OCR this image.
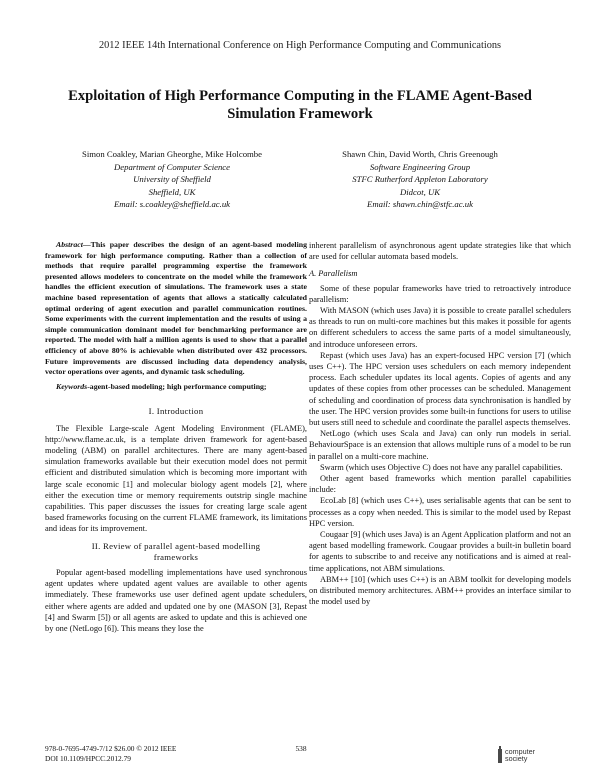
2012 IEEE 14th International Conference on High Performance Computing and Communications
Exploitation of High Performance Computing in the FLAME Agent-Based
Simulation Framework
Simon Coakley, Marian Gheorghe, Mike Holcombe
Department of Computer Science
University of Sheffield
Sheffield, UK
Email: s.coakley@sheffield.ac.uk
Shawn Chin, David Worth, Chris Greenough
Software Engineering Group
STFC Rutherford Appleton Laboratory
Didcot, UK
Email: shawn.chin@stfc.ac.uk

Abstract—This paper describes the design of an agent-based modeling framework for high performance computing. Rather than a collection of methods that require parallel programming expertise the framework presented allows modelers to concentrate on the model while the framework handles the efficient execution of simulations. The framework uses a state machine based representation of agents that allows a statically calculated optimal ordering of agent execution and parallel communication routines. Some experiments with the current implementation and the results of using a simple communication dominant model for benchmarking performance are reported. The model with half a million agents is used to show that a parallel efficiency of above 80% is achievable when distributed over 432 processors. Future improvements are discussed including data dependency analysis, vector operations over agents, and dynamic task scheduling.

Keywords-agent-based modeling; high performance computing;

I. Introduction

The Flexible Large-scale Agent Modeling Environment (FLAME), http://www.flame.ac.uk, is a template driven framework for agent-based modeling (ABM) on parallel architectures. There are many agent-based simulation frameworks available but their execution model does not permit efficient and distributed simulation which is becoming more important with large scale economic [1] and molecular biology agent models [2], where either the execution time or memory requirements outstrip single machine capabilities. This paper discusses the issues for creating large scale agent based frameworks focusing on the current FLAME framework, its limitations and ideas for its improvement.

II. Review of parallel agent-based modelling

frameworks

Popular agent-based modelling implementations have used synchronous agent updates where updated agent values are available to other agents immediately. These frameworks use user defined agent update schedulers, either where agents are added and updated one by one (MASON [3], Repast [4] and Swarm [5]) or all agents are asked to update and this is achieved one by one (NetLogo [6]). This means they lose the

inherent parallelism of asynchronous agent update strategies like that which are used for cellular automata based models.

A. Parallelism

Some of these popular frameworks have tried to retroactively introduce parallelism:

With MASON (which uses Java) it is possible to create parallel schedulers as threads to run on multi-core machines but this makes it possible for agents on different schedulers to access the same parts of a model simultaneously, and introduce unforeseen errors.

Repast (which uses Java) has an expert-focused HPC version [7] (which uses C++). The HPC version uses schedulers on each memory independent process. Each scheduler updates its local agents. Copies of agents and any updates of these copies from other processes can be scheduled. Management of scheduling and coordination of process data synchronisation is handled by the user. The HPC version provides some built-in functions for users to utilise but users still need to schedule and coordinate the parallel aspects themselves.

NetLogo (which uses Scala and Java) can only run models in serial. BehaviourSpace is an extension that allows multiple runs of a model to be run in parallel on a multi-core machine.

Swarm (which uses Objective C) does not have any parallel capabilities.

Other agent based frameworks which mention parallel capabilities include:

EcoLab [8] (which uses C++), uses serialisable agents that can be sent to processes as a copy when needed. This is similar to the model used by Repast HPC version.

Cougaar [9] (which uses Java) is an Agent Application platform and not an agent based modelling framework. Cougaar provides a built-in bulletin board for agents to subscribe to and receive any notifications and is aimed at real-time applications, not ABM simulations.

ABM++ [10] (which uses C++) is an ABM toolkit for developing models on distributed memory architectures. ABM++ provides an interface similar to the model used by

978-0-7695-4749-7/12 $26.00 © 2012 IEEE
DOI 10.1109/HPCC.2012.79
538	computer
society
